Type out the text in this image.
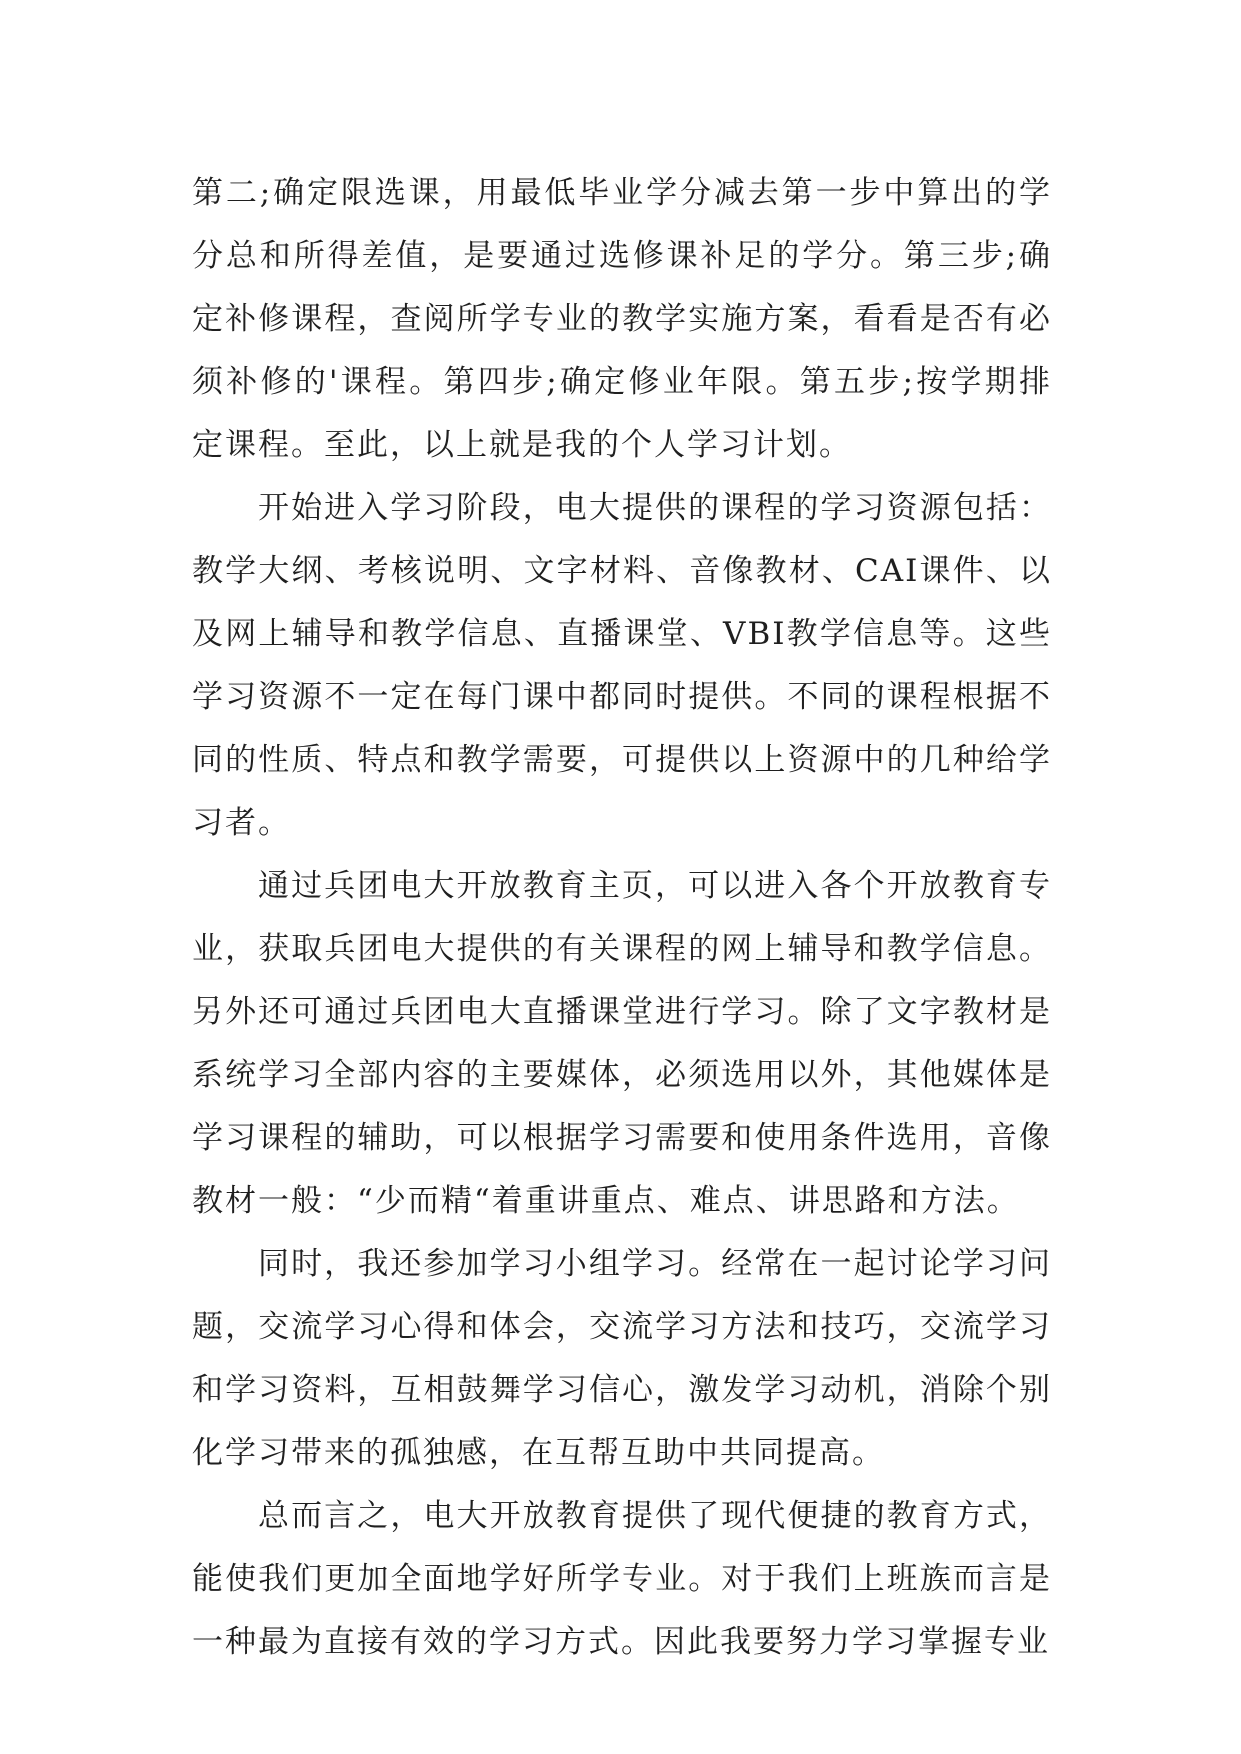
第二;确定限选课，用最低毕业学分减去第一步中算出的学分总和所得差值，是要通过选修课补足的学分。第三步;确定补修课程，查阅所学专业的教学实施方案，看看是否有必须补修的'课程。第四步;确定修业年限。第五步;按学期排定课程。至此，以上就是我的个人学习计划。

开始进入学习阶段，电大提供的课程的学习资源包括：教学大纲、考核说明、文字材料、音像教材、CAI课件、以及网上辅导和教学信息、直播课堂、VBI教学信息等。这些学习资源不一定在每门课中都同时提供。不同的课程根据不同的性质、特点和教学需要，可提供以上资源中的几种给学习者。

通过兵团电大开放教育主页，可以进入各个开放教育专业，获取兵团电大提供的有关课程的网上辅导和教学信息。另外还可通过兵团电大直播课堂进行学习。除了文字教材是系统学习全部内容的主要媒体，必须选用以外，其他媒体是学习课程的辅助，可以根据学习需要和使用条件选用，音像教材一般：“少而精“着重讲重点、难点、讲思路和方法。

同时，我还参加学习小组学习。经常在一起讨论学习问题，交流学习心得和体会，交流学习方法和技巧，交流学习和学习资料，互相鼓舞学习信心，激发学习动机，消除个别化学习带来的孤独感，在互帮互助中共同提高。

总而言之，电大开放教育提供了现代便捷的教育方式，能使我们更加全面地学好所学专业。对于我们上班族而言是一种最为直接有效的学习方式。因此我要努力学习掌握专业
